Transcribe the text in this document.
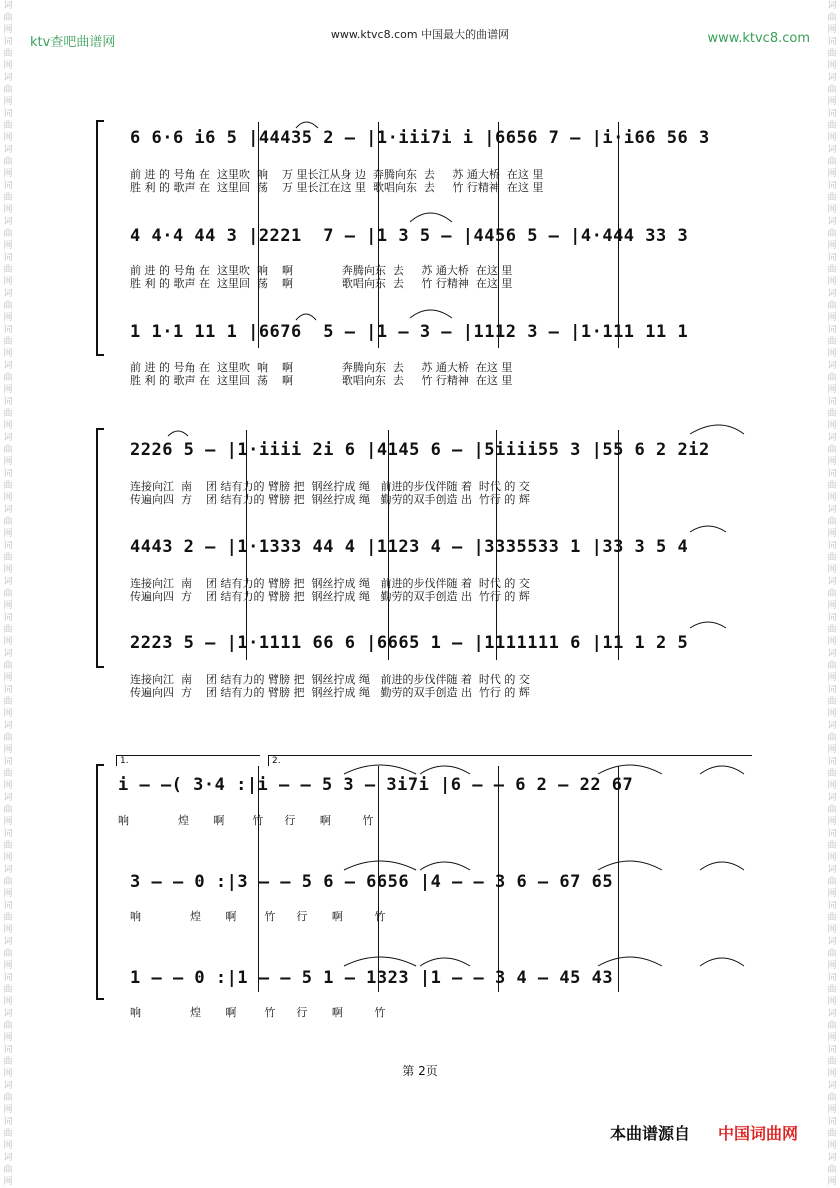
词曲网词曲网词曲网词曲网词曲网词曲网词曲网词曲网词曲网词曲网词曲网词曲网词曲网词曲网词曲网词曲网词曲网词曲网词曲网词曲网词曲网词曲网词曲网词曲网词曲网词曲网词曲网词曲网词曲网词曲网词曲网词曲网词曲网
词曲网词曲网词曲网词曲网词曲网词曲网词曲网词曲网词曲网词曲网词曲网词曲网词曲网词曲网词曲网词曲网词曲网词曲网词曲网词曲网词曲网词曲网词曲网词曲网词曲网词曲网词曲网词曲网词曲网词曲网词曲网词曲网词曲网
ktv查吧曲谱网
www.ktvc8.com 中国最大的曲谱网	www.ktvc8.com
6 6·6 i6 5 |44435 2 – |1·iii7i i |6656 7 – |i·i66 56 3
前 进 的 号角 在  这里吹  响    万 里长江从身 边  奔腾向东  去     苏 通大桥  在这 里
胜 利 的 歌声 在  这里回  荡    万 里长江在这 里  歌唱向东  去     竹 行精神  在这 里
4 4·4 44 3 |2221  7 – |1 3 5 – |4456 5 – |4·444 33 3
前 进 的 号角 在  这里吹  响    啊              奔腾向东  去     苏 通大桥  在这 里
胜 利 的 歌声 在  这里回  荡    啊              歌唱向东  去     竹 行精神  在这 里
1 1·1 11 1 |6676  5 – |1 – 3 – |1112 3 – |1·111 11 1
前 进 的 号角 在  这里吹  响    啊              奔腾向东  去     苏 通大桥  在这 里
胜 利 的 歌声 在  这里回  荡    啊              歌唱向东  去     竹 行精神  在这 里
2226 5 – |1·iiii 2i 6 |4145 6 – |5iiii55 3 |55 6 2 2i2
连接向江  南    团 结有力的 臂膀 把  钢丝拧成 绳   前进的步伐伴随 着  时代 的 交
传遍向四  方    团 结有力的 臂膀 把  钢丝拧成 绳   勤劳的双手创造 出  竹行 的 辉
4443 2 – |1·1333 44 4 |1123 4 – |3335533 1 |33 3 5 4
连接向江  南    团 结有力的 臂膀 把  钢丝拧成 绳   前进的步伐伴随 着  时代 的 交
传遍向四  方    团 结有力的 臂膀 把  钢丝拧成 绳   勤劳的双手创造 出  竹行 的 辉
2223 5 – |1·1111 66 6 |6665 1 – |1111111 6 |11 1 2 5
连接向江  南    团 结有力的 臂膀 把  钢丝拧成 绳   前进的步伐伴随 着  时代 的 交
传遍向四  方    团 结有力的 臂膀 把  钢丝拧成 绳   勤劳的双手创造 出  竹行 的 辉
1.	2.
i – –( 3·4 :|i – – 5 3 – 3i7i |6 – – 6 2 – 22 67
响              煌       啊        竹      行       啊         竹
3 – – 0 :|3 – – 5 6 – 6656 |4 – – 3 6 – 67 65
响              煌       啊        竹      行       啊         竹
1 – – 0 :|1 – – 5 1 – 1323 |1 – – 3 4 – 45 43
响              煌       啊        竹      行       啊         竹
第 2页
本曲谱源自 中国词曲网
